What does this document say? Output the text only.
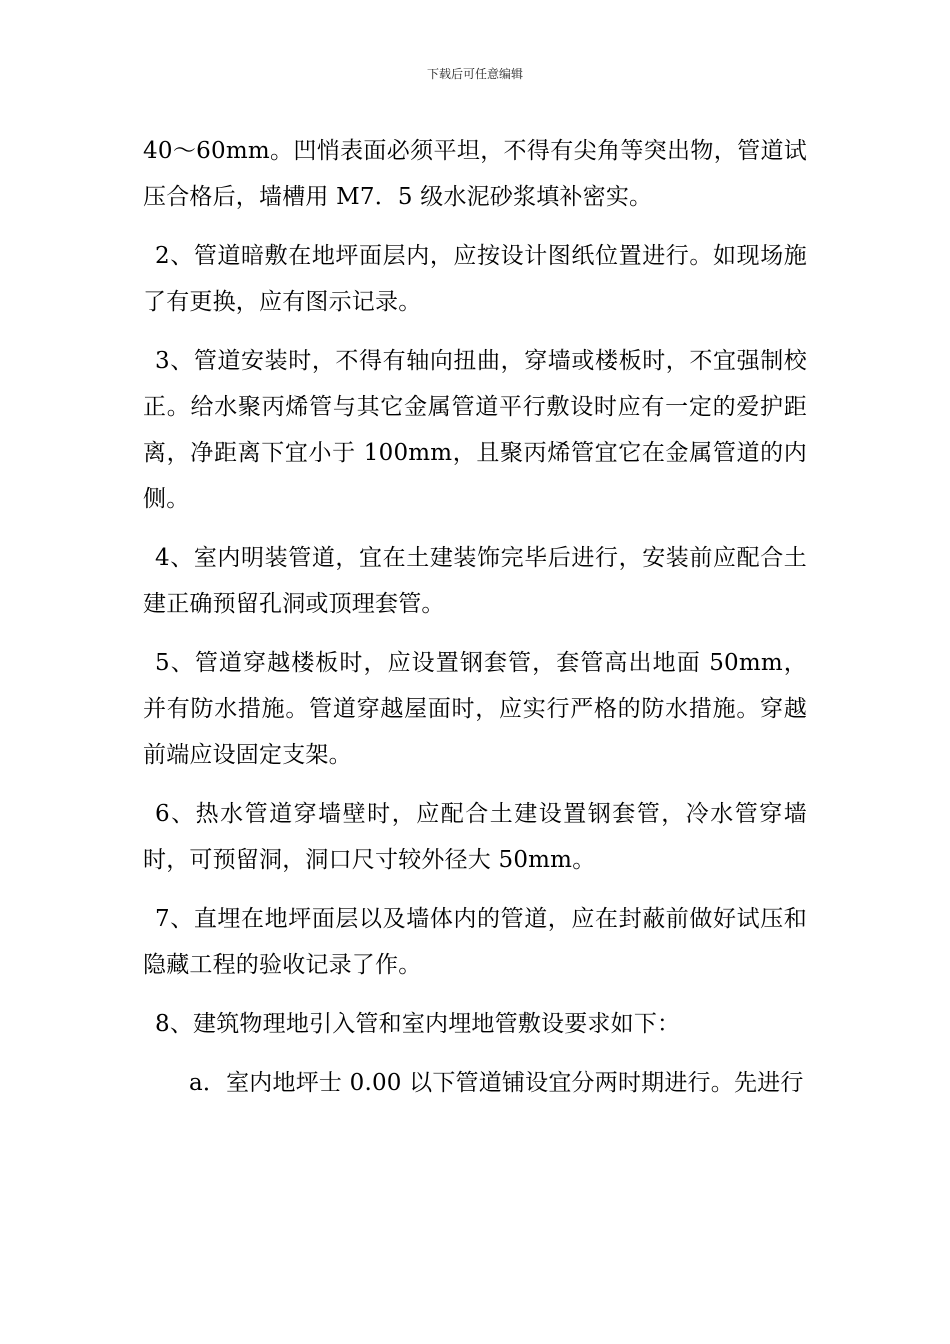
下载后可任意编辑

40～60mm。凹悄表面必须平坦，不得有尖角等突出物，管道试压合格后，墙槽用 M7．5 级水泥砂浆填补密实。

2、管道暗敷在地坪面层内，应按设计图纸位置进行。如现场施了有更换，应有图示记录。

3、管道安装时，不得有轴向扭曲，穿墙或楼板时，不宜强制校正。给水聚丙烯管与其它金属管道平行敷设时应有一定的爱护距离，净距离下宜小于 100mm，且聚丙烯管宜它在金属管道的内侧。

4、室内明装管道，宜在土建装饰完毕后进行，安装前应配合土建正确预留孔洞或顶理套管。

5、管道穿越楼板时，应设置钢套管，套管高出地面 50mm，并有防水措施。管道穿越屋面时，应实行严格的防水措施。穿越前端应设固定支架。

6、热水管道穿墙壁时，应配合土建设置钢套管，冷水管穿墙时，可预留洞，洞口尺寸较外径大 50mm。

7、直埋在地坪面层以及墙体内的管道，应在封蔽前做好试压和隐藏工程的验收记录了作。

8、建筑物理地引入管和室内埋地管敷设要求如下：

a．室内地坪士 0.00 以下管道铺设宜分两时期进行。先进行
